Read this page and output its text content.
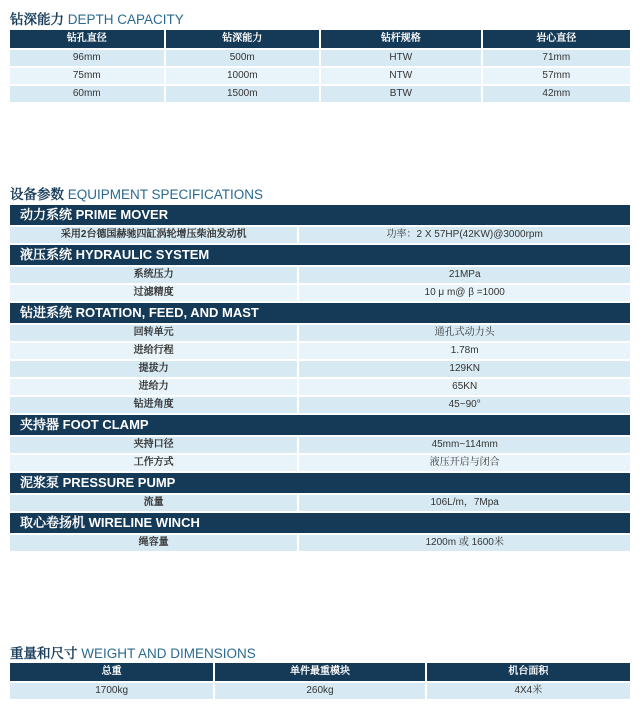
钻深能力 DEPTH CAPACITY
钻孔直径	钻深能力	钻杆规格	岩心直径
96mm	500m	HTW	71mm
75mm	1000m	NTW	57mm
60mm	1500m	BTW	42mm
设备参数 EQUIPMENT SPECIFICATIONS
动力系统 PRIME MOVER	
采用2台德国赫驰四缸涡轮增压柴油发动机	功率：2 X 57HP(42KW)@3000rpm
液压系统 HYDRAULIC SYSTEM	
系统压力	21MPa
过滤精度	10 μ m@ β =1000
钻进系统 ROTATION, FEED, AND MAST	
回转单元	通孔式动力头
进给行程	1.78m
提拔力	129KN
进给力	65KN
钻进角度	45~90°
夹持器 FOOT CLAMP	
夹持口径	45mm~114mm
工作方式	液压开启与闭合
泥浆泵 PRESSURE PUMP	
流量	106L/m，7Mpa
取心卷扬机 WIRELINE WINCH	
绳容量	1200m 或 1600米
重量和尺寸 WEIGHT AND DIMENSIONS
总重	单件最重模块	机台面积
1700kg	260kg	4X4米
